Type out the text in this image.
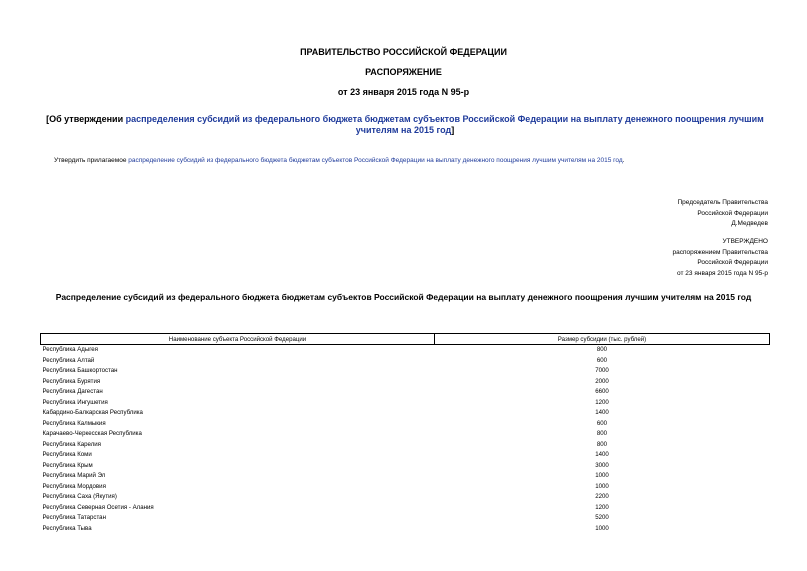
ПРАВИТЕЛЬСТВО РОССИЙСКОЙ ФЕДЕРАЦИИ
РАСПОРЯЖЕНИЕ
от 23 января 2015 года N 95-р
[Об утверждении распределения субсидий из федерального бюджета бюджетам субъектов Российской Федерации на выплату денежного поощрения лучшим
учителям на 2015 год]
Утвердить прилагаемое распределение субсидий из федерального бюджета бюджетам субъектов Российской Федерации на выплату денежного поощрения лучшим учителям на 2015 год.
Председатель Правительства
Российской Федерации
Д.Медведев
УТВЕРЖДЕНО
распоряжением Правительства
Российской Федерации
от 23 января 2015 года N 95-р
Распределение субсидий из федерального бюджета бюджетам субъектов Российской Федерации на выплату денежного поощрения лучшим учителям на 2015 год
Наименование субъекта Российской Федерации	Размер субсидии (тыс. рублей)
Республика Адыгея	800
Республика Алтай	600
Республика Башкортостан	7000
Республика Бурятия	2000
Республика Дагестан	6600
Республика Ингушетия	1200
Кабардино-Балкарская Республика	1400
Республика Калмыкия	600
Карачаево-Черкесская Республика	800
Республика Карелия	800
Республика Коми	1400
Республика Крым	3000
Республика Марий Эл	1000
Республика Мордовия	1000
Республика Саха (Якутия)	2200
Республика Северная Осетия - Алания	1200
Республика Татарстан	5200
Республика Тыва	1000
